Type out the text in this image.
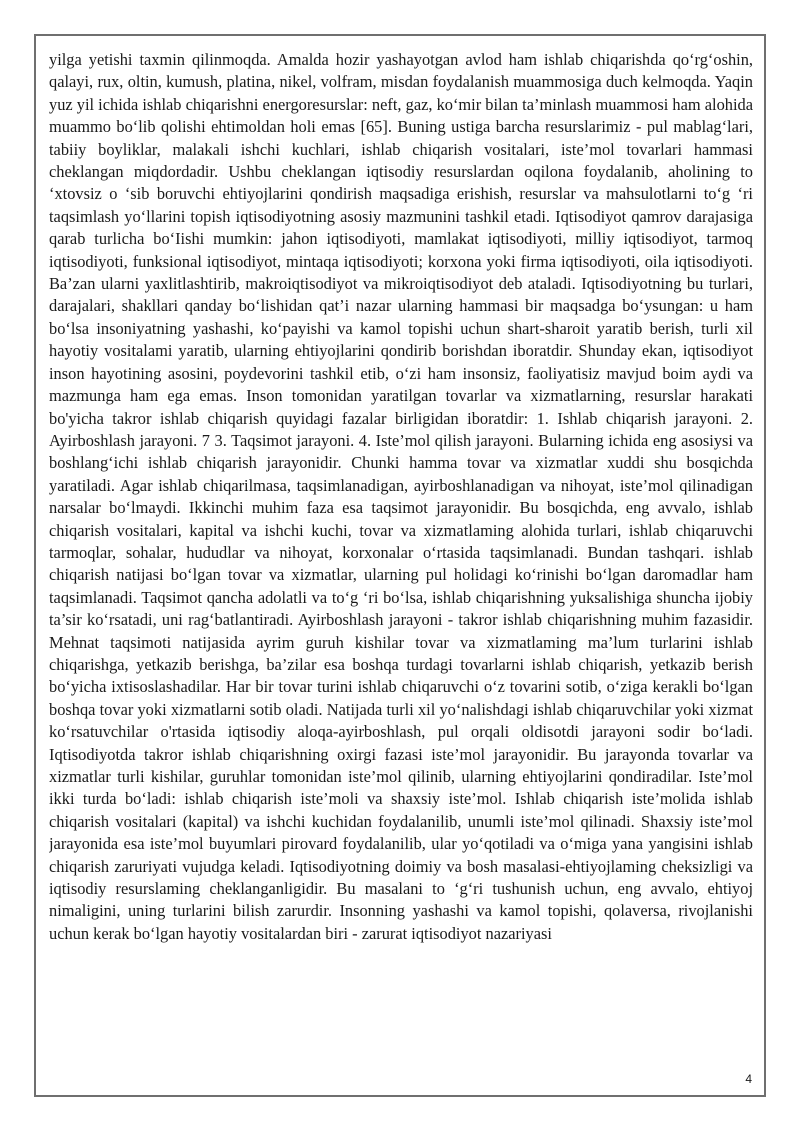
yilga yetishi taxmin qilinmoqda. Amalda hozir yashayotgan avlod ham ishlab chiqarishda qo‘rg‘oshin, qalayi, rux, oltin, kumush, platina, nikel, volfram, misdan foydalanish muammosiga duch kelmoqda. Yaqin yuz yil ichida ishlab chiqarishni energoresurslar: neft, gaz, ko‘mir bilan ta’minlash muammosi ham alohida muammo bo‘lib qolishi ehtimoldan holi emas [65]. Buning ustiga barcha resurslarimiz - pul mablag‘lari, tabiiy boyliklar, malakali ishchi kuchlari, ishlab chiqarish vositalari, iste’mol tovarlari hammasi cheklangan miqdordadir. Ushbu cheklangan iqtisodiy resurslardan oqilona foydalanib, aholining to ‘xtovsiz o ‘sib boruvchi ehtiyojlarini qondirish maqsadiga erishish, resurslar va mahsulotlarni to‘g ‘ri taqsimlash yo‘llarini topish iqtisodiyotning asosiy mazmunini tashkil etadi. Iqtisodiyot qamrov darajasiga qarab turlicha bo‘Iishi mumkin: jahon iqtisodiyoti, mamlakat iqtisodiyoti, milliy iqtisodiyot, tarmoq iqtisodiyoti, funksional iqtisodiyot, mintaqa iqtisodiyoti; korxona yoki firma iqtisodiyoti, oila iqtisodiyoti. Ba’zan ularni yaxlitlashtirib, makroiqtisodiyot va mikroiqtisodiyot deb ataladi. Iqtisodiyotning bu turlari, darajalari, shakllari qanday bo‘lishidan qat’i nazar ularning hammasi bir maqsadga bo‘ysungan: u ham bo‘lsa insoniyatning yashashi, ko‘payishi va kamol topishi uchun shart-sharoit yaratib berish, turli xil hayotiy vositalami yaratib, ularning ehtiyojlarini qondirib borishdan iboratdir. Shunday ekan, iqtisodiyot inson hayotining asosini, poydevorini tashkil etib, o‘zi ham insonsiz, faoliyatisiz mavjud boim aydi va mazmunga ham ega emas. Inson tomonidan yaratilgan tovarlar va xizmatlarning, resurslar harakati bo'yicha takror ishlab chiqarish quyidagi fazalar birligidan iboratdir: 1. Ishlab chiqarish jarayoni. 2. Ayirboshlash jarayoni. 7 3. Taqsimot jarayoni. 4. Iste’mol qilish jarayoni. Bularning ichida eng asosiysi va boshlang‘ichi ishlab chiqarish jarayonidir. Chunki hamma tovar va xizmatlar xuddi shu bosqichda yaratiladi. Agar ishlab chiqarilmasa, taqsimlanadigan, ayirboshlanadigan va nihoyat, iste’mol qilinadigan narsalar bo‘lmaydi. Ikkinchi muhim faza esa taqsimot jarayonidir. Bu bosqichda, eng avvalo, ishlab chiqarish vositalari, kapital va ishchi kuchi, tovar va xizmatlaming alohida turlari, ishlab chiqaruvchi tarmoqlar, sohalar, hududlar va nihoyat, korxonalar o‘rtasida taqsimlanadi. Bundan tashqari. ishlab chiqarish natijasi bo‘lgan tovar va xizmatlar, ularning pul holidagi ko‘rinishi bo‘lgan daromadlar ham taqsimlanadi. Taqsimot qancha adolatli va to‘g ‘ri bo‘lsa, ishlab chiqarishning yuksalishiga shuncha ijobiy ta’sir ko‘rsatadi, uni rag‘batlantiradi. Ayirboshlash jarayoni - takror ishlab chiqarishning muhim fazasidir. Mehnat taqsimoti natijasida ayrim guruh kishilar tovar va xizmatlaming ma’lum turlarini ishlab chiqarishga, yetkazib berishga, ba’zilar esa boshqa turdagi tovarlarni ishlab chiqarish, yetkazib berish bo‘yicha ixtisoslashadilar. Har bir tovar turini ishlab chiqaruvchi o‘z tovarini sotib, o‘ziga kerakli bo‘lgan boshqa tovar yoki xizmatlarni sotib oladi. Natijada turli xil yo‘nalishdagi ishlab chiqaruvchilar yoki xizmat ko‘rsatuvchilar o'rtasida iqtisodiy aloqa-ayirboshlash, pul orqali oldisotdi jarayoni sodir bo‘ladi. Iqtisodiyotda takror ishlab chiqarishning oxirgi fazasi iste’mol jarayonidir. Bu jarayonda tovarlar va xizmatlar turli kishilar, guruhlar tomonidan iste’mol qilinib, ularning ehtiyojlarini qondiradilar. Iste’mol ikki turda bo‘ladi: ishlab chiqarish iste’moli va shaxsiy iste’mol. Ishlab chiqarish iste’molida ishlab chiqarish vositalari (kapital) va ishchi kuchidan foydalanilib, unumli iste’mol qilinadi. Shaxsiy iste’mol jarayonida esa iste’mol buyumlari pirovard foydalanilib, ular yo‘qotiladi va o‘miga yana yangisini ishlab chiqarish zaruriyati vujudga keladi. Iqtisodiyotning doimiy va bosh masalasi-ehtiyojlaming cheksizligi va iqtisodiy resurslaming cheklanganligidir. Bu masalani to ‘g‘ri tushunish uchun, eng avvalo, ehtiyoj nimaligini, uning turlarini bilish zarurdir. Insonning yashashi va kamol topishi, qolaversa, rivojlanishi uchun kerak bo‘lgan hayotiy vositalardan biri - zarurat iqtisodiyot nazariyasi

4
